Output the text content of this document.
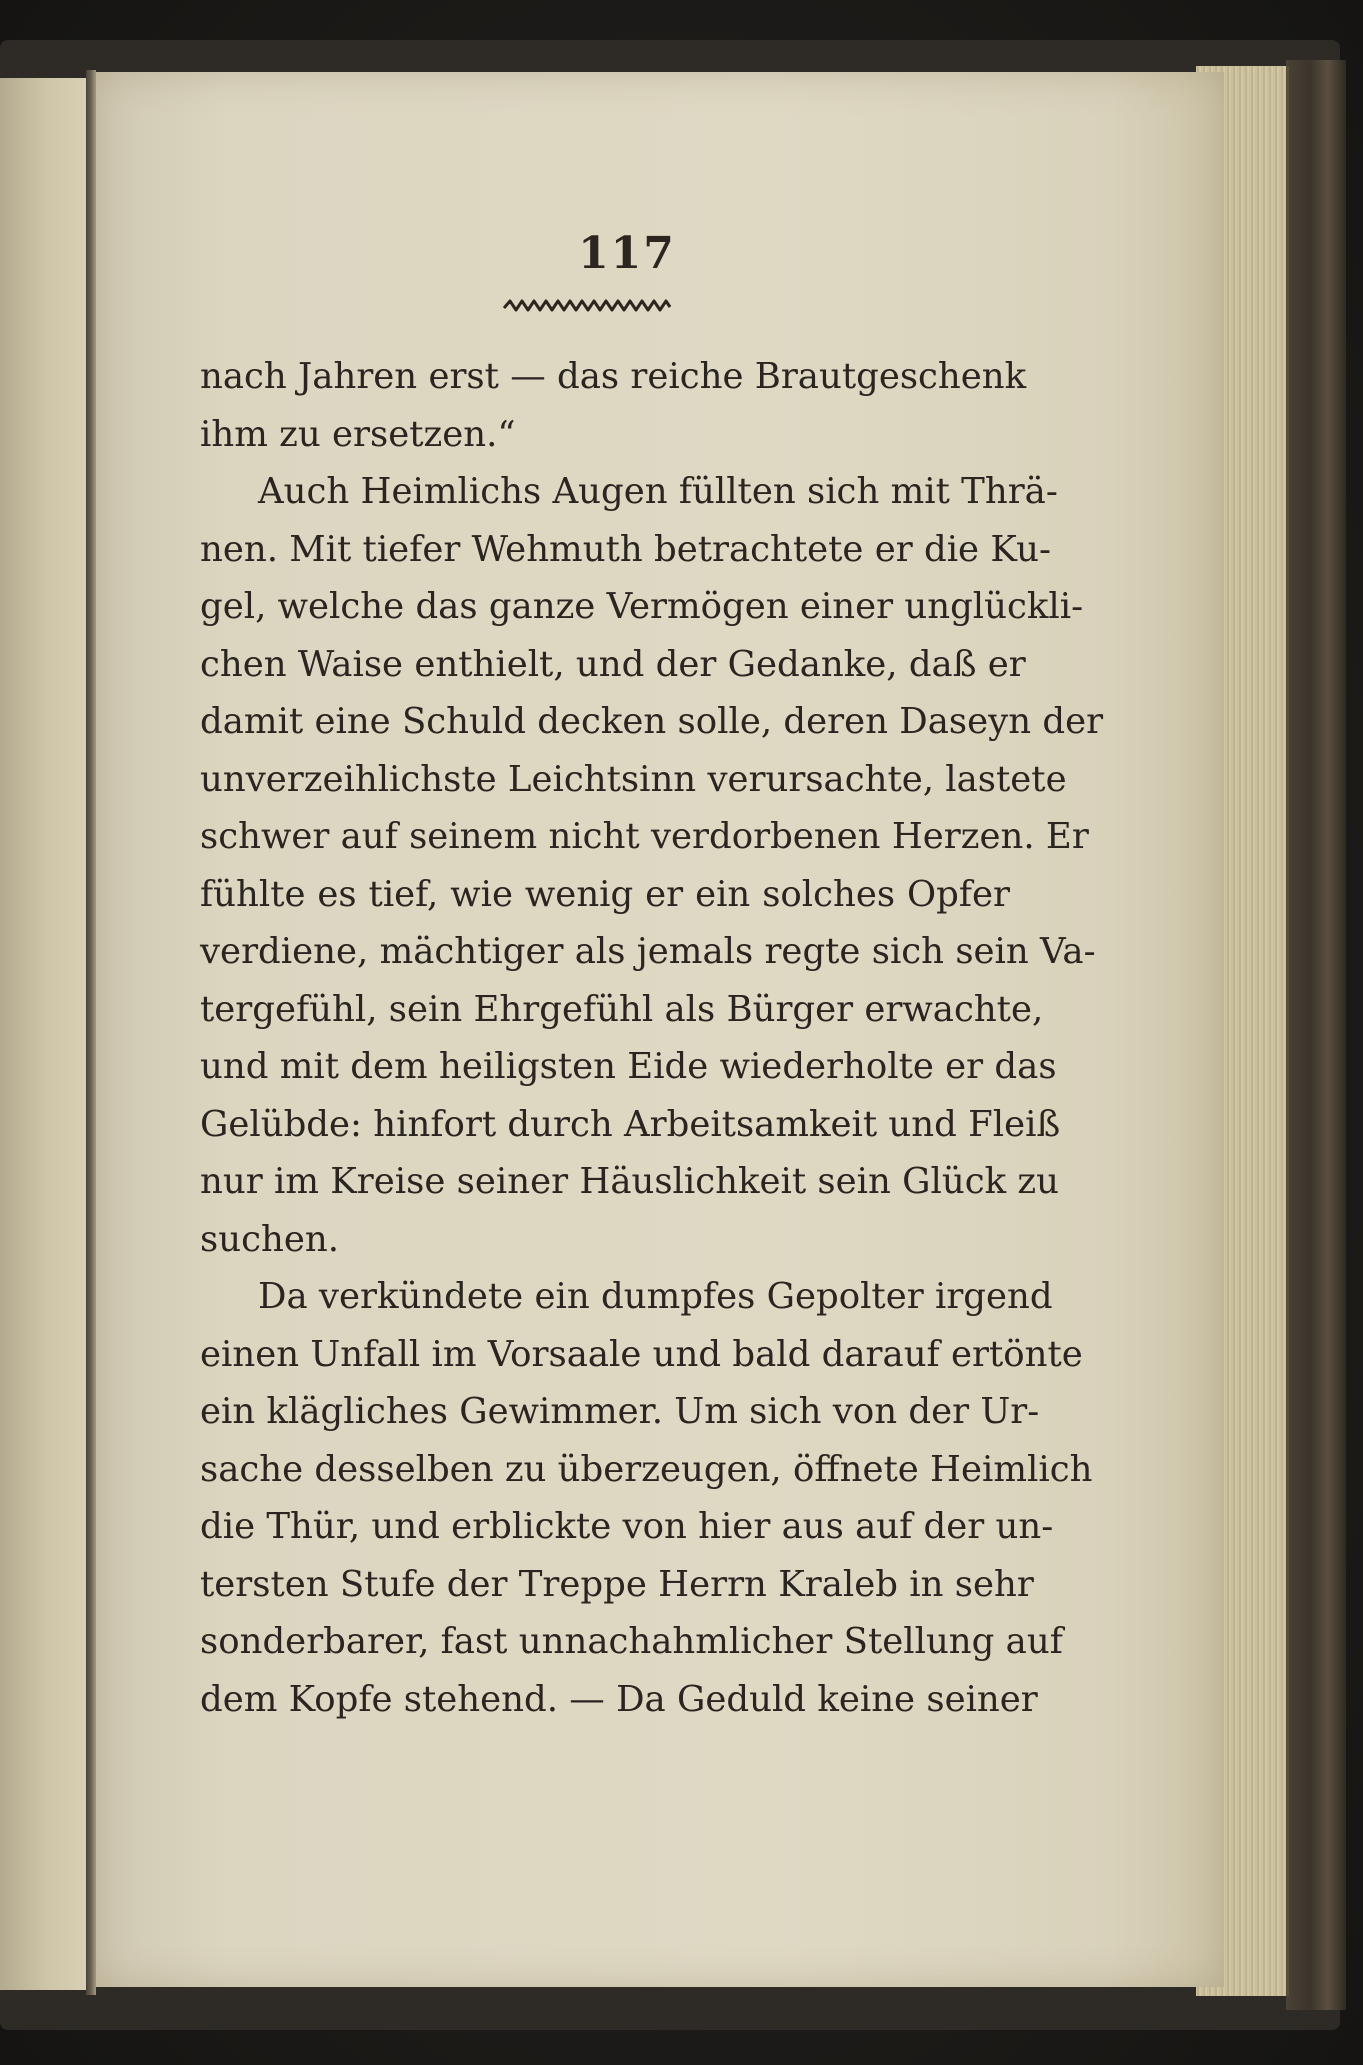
117
nach Jahren erst — das reiche Brautgeschenk
ihm zu ersetzen.“
Auch Heimlichs Augen füllten sich mit Thrä-
nen. Mit tiefer Wehmuth betrachtete er die Ku-
gel, welche das ganze Vermögen einer unglückli-
chen Waise enthielt, und der Gedanke, daß er
damit eine Schuld decken solle, deren Daseyn der
unverzeihlichste Leichtsinn verursachte, lastete
schwer auf seinem nicht verdorbenen Herzen. Er
fühlte es tief, wie wenig er ein solches Opfer
verdiene, mächtiger als jemals regte sich sein Va-
tergefühl, sein Ehrgefühl als Bürger erwachte,
und mit dem heiligsten Eide wiederholte er das
Gelübde: hinfort durch Arbeitsamkeit und Fleiß
nur im Kreise seiner Häuslichkeit sein Glück zu
suchen.
Da verkündete ein dumpfes Gepolter irgend
einen Unfall im Vorsaale und bald darauf ertönte
ein klägliches Gewimmer. Um sich von der Ur-
sache desselben zu überzeugen, öffnete Heimlich
die Thür, und erblickte von hier aus auf der un-
tersten Stufe der Treppe Herrn Kraleb in sehr
sonderbarer, fast unnachahmlicher Stellung auf
dem Kopfe stehend. — Da Geduld keine seiner
